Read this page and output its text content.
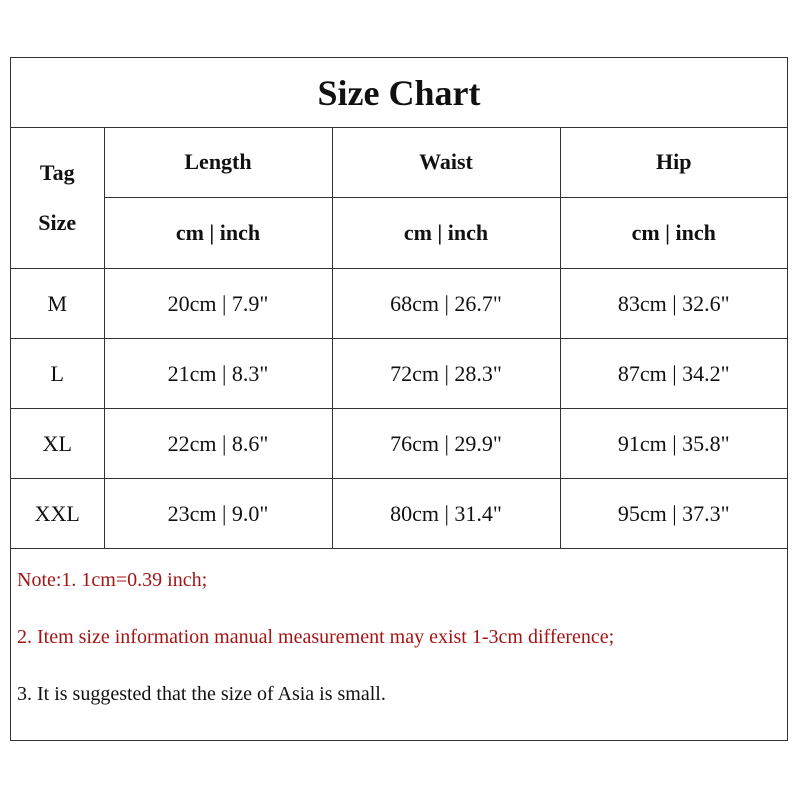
Size Chart
Tag
Size	Length	Waist	Hip
	cm | inch	cm | inch	cm | inch
M	20cm | 7.9"	68cm | 26.7"	83cm | 32.6"
L	21cm | 8.3"	72cm | 28.3"	87cm | 34.2"
XL	22cm | 8.6"	76cm | 29.9"	91cm | 35.8"
XXL	23cm | 9.0"	80cm | 31.4"	95cm | 37.3"
Note:1. 1cm=0.39 inch;
2. Item size information manual measurement may exist 1-3cm difference;
3. It is suggested that the size of Asia is small.
